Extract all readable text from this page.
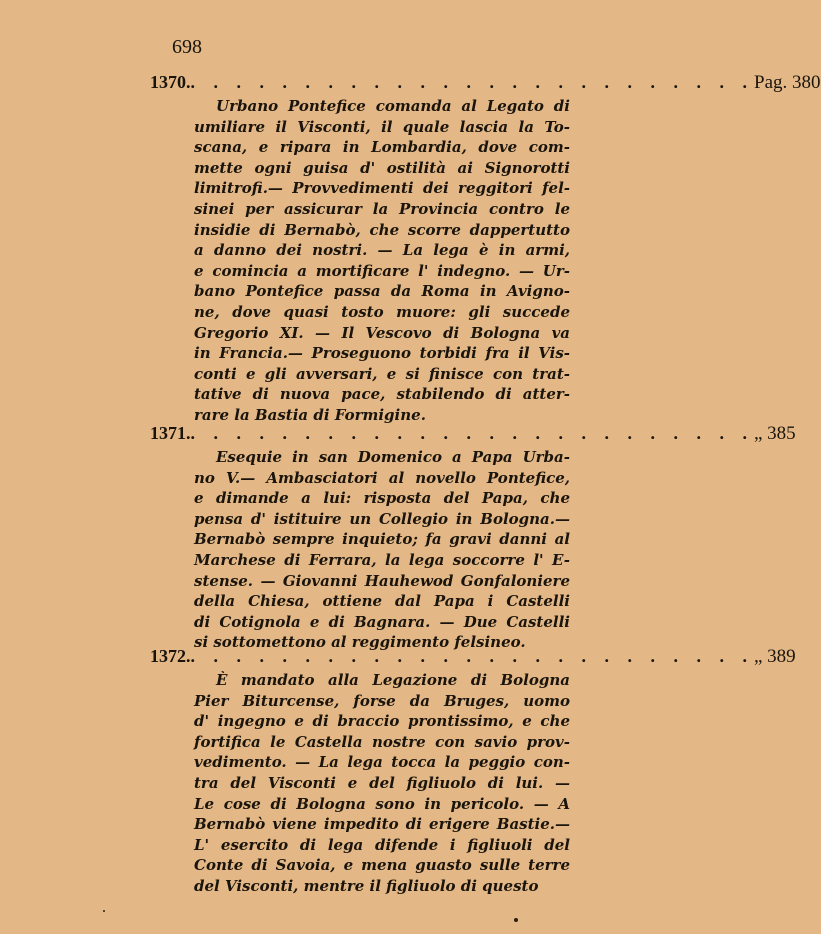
698
1370. . . . . . . . . . . . . . . . . . . . . . . . . . Pag. 380

Urbano Pontefice comanda al Legato di
umiliare il Visconti, il quale lascia la To-
scana, e ripara in Lombardia, dove com-
mette ogni guisa d' ostilità ai Signorotti
limitrofi.— Provvedimenti dei reggitori fel-
sinei per assicurar la Provincia contro le
insidie di Bernabò, che scorre dappertutto
a danno dei nostri. — La lega è in armi,
e comincia a mortificare l' indegno. — Ur-
bano Pontefice passa da Roma in Avigno-
ne, dove quasi tosto muore: gli succede
Gregorio XI. — Il Vescovo di Bologna va
in Francia.— Proseguono torbidi fra il Vis-
conti e gli avversari, e si finisce con trat-
tative di nuova pace, stabilendo di atter-
rare la Bastia di Formigine.

1371. . . . . . . . . . . . . . . . . . . . . . . . . . „ 385

Esequie in san Domenico a Papa Urba-
no V.— Ambasciatori al novello Pontefice,
e dimande a lui: risposta del Papa, che
pensa d' istituire un Collegio in Bologna.—
Bernabò sempre inquieto; fa gravi danni al
Marchese di Ferrara, la lega soccorre l' E-
stense. — Giovanni Hauhewod Gonfaloniere
della Chiesa, ottiene dal Papa i Castelli
di Cotignola e di Bagnara. — Due Castelli
si sottomettono al reggimento felsineo.

1372. . . . . . . . . . . . . . . . . . . . . . . . . . „ 389

È mandato alla Legazione di Bologna
Pier Biturcense, forse da Bruges, uomo
d' ingegno e di braccio prontissimo, e che
fortifica le Castella nostre con savio prov-
vedimento. — La lega tocca la peggio con-
tra del Visconti e del figliuolo di lui. —
Le cose di Bologna sono in pericolo. — A
Bernabò viene impedito di erigere Bastie.—
L' esercito di lega difende i figliuoli del
Conte di Savoia, e mena guasto sulle terre
del Visconti, mentre il figliuolo di questo
